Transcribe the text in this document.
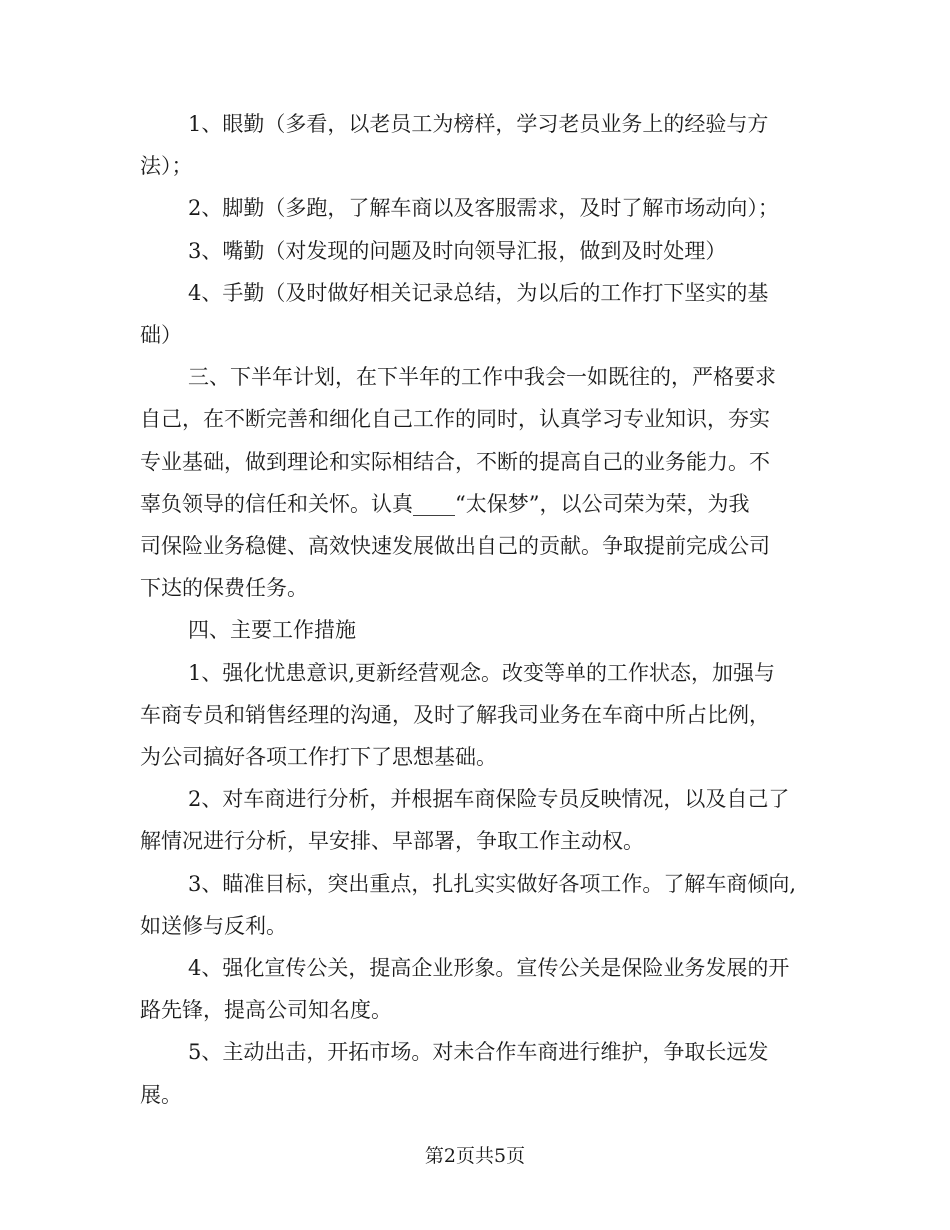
1、眼勤（多看，以老员工为榜样，学习老员业务上的经验与方
法）；

2、脚勤（多跑，了解车商以及客服需求，及时了解市场动向）；

3、嘴勤（对发现的问题及时向领导汇报，做到及时处理）

4、手勤（及时做好相关记录总结，为以后的工作打下坚实的基
础）

三、下半年计划，在下半年的工作中我会一如既往的，严格要求
自己，在不断完善和细化自己工作的同时，认真学习专业知识，夯实
专业基础，做到理论和实际相结合，不断的提高自己的业务能力。不
辜负领导的信任和关怀。认真____“太保梦”，以公司荣为荣，为我
司保险业务稳健、高效快速发展做出自己的贡献。争取提前完成公司
下达的保费任务。

四、主要工作措施

1、强化忧患意识,更新经营观念。改变等单的工作状态，加强与
车商专员和销售经理的沟通，及时了解我司业务在车商中所占比例，
为公司搞好各项工作打下了思想基础。

2、对车商进行分析，并根据车商保险专员反映情况，以及自己了
解情况进行分析，早安排、早部署，争取工作主动权。

3、瞄准目标，突出重点，扎扎实实做好各项工作。了解车商倾向,
如送修与反利。

4、强化宣传公关，提高企业形象。宣传公关是保险业务发展的开
路先锋，提高公司知名度。

5、主动出击，开拓市场。对未合作车商进行维护，争取长远发
展。

第2页共5页
